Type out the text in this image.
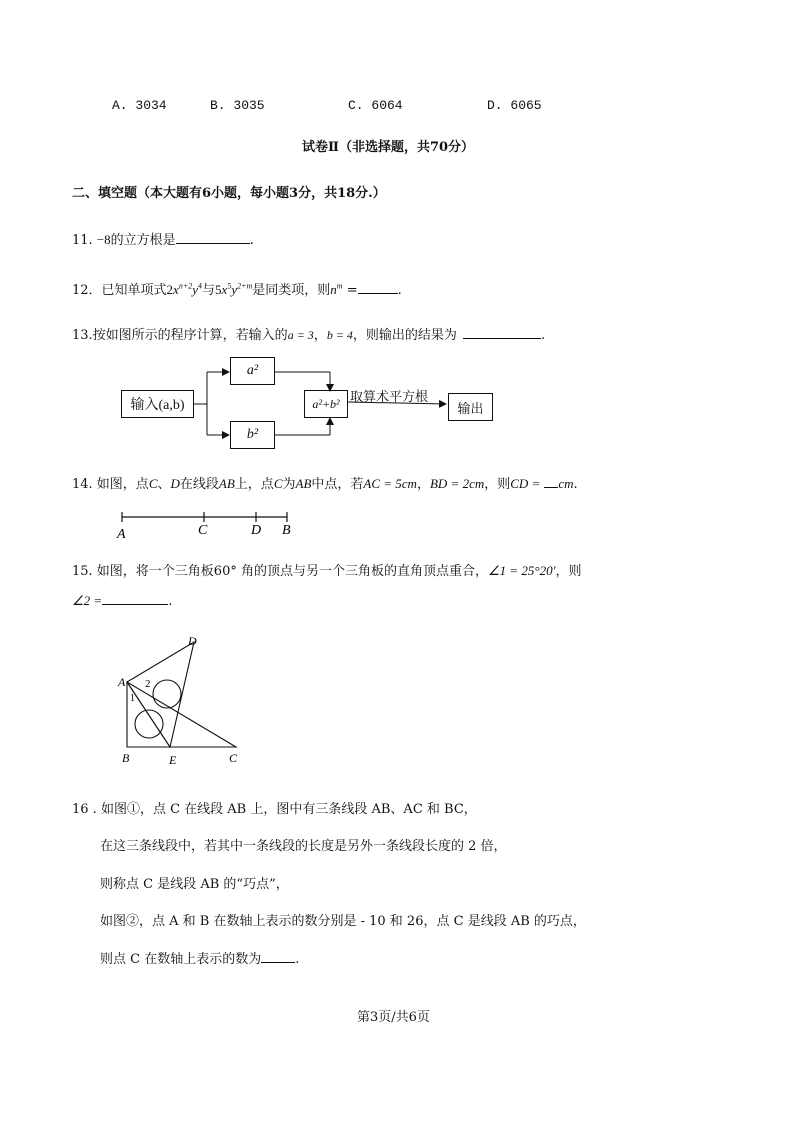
A. 3034	B. 3035	C. 6064	D. 6065
试卷Ⅱ（非选择题，共70分）
二、填空题（本大题有6小题，每小题3分，共18分.）
11. −8的立方根是	.
12．已知单项式$2x^{n+2}y^4$与$5x^5y^{2+m}$是同类项，则$n^m$ =	.
13.按如图所示的程序计算，若输入的a = 3，b = 4，则输出的结果为	.
输入(a,b)
a²
b²
a²+b² 取算术平方根
输出
14. 如图，点C、D在线段AB上，点C为AB中点，若AC = 5cm，BD = 2cm，则CD = cm.
A	C	D B
15. 如图，将一个三角板60° 角的顶点与另一个三角板的直角顶点重合，∠1 = 25°20′，则
∠2 =	.
D
A 2
1
B	E	C
16 . 如图①，点 C 在线段 AB 上，图中有三条线段 AB、AC 和 BC，
在这三条线段中，若其中一条线段的长度是另外一条线段长度的 2 倍，
则称点 C 是线段 AB 的“巧点”，
如图②，点 A 和 B 在数轴上表示的数分别是 - 10 和 26，点 C 是线段 AB 的巧点，
则点 C 在数轴上表示的数为	.
第3页/共6页
